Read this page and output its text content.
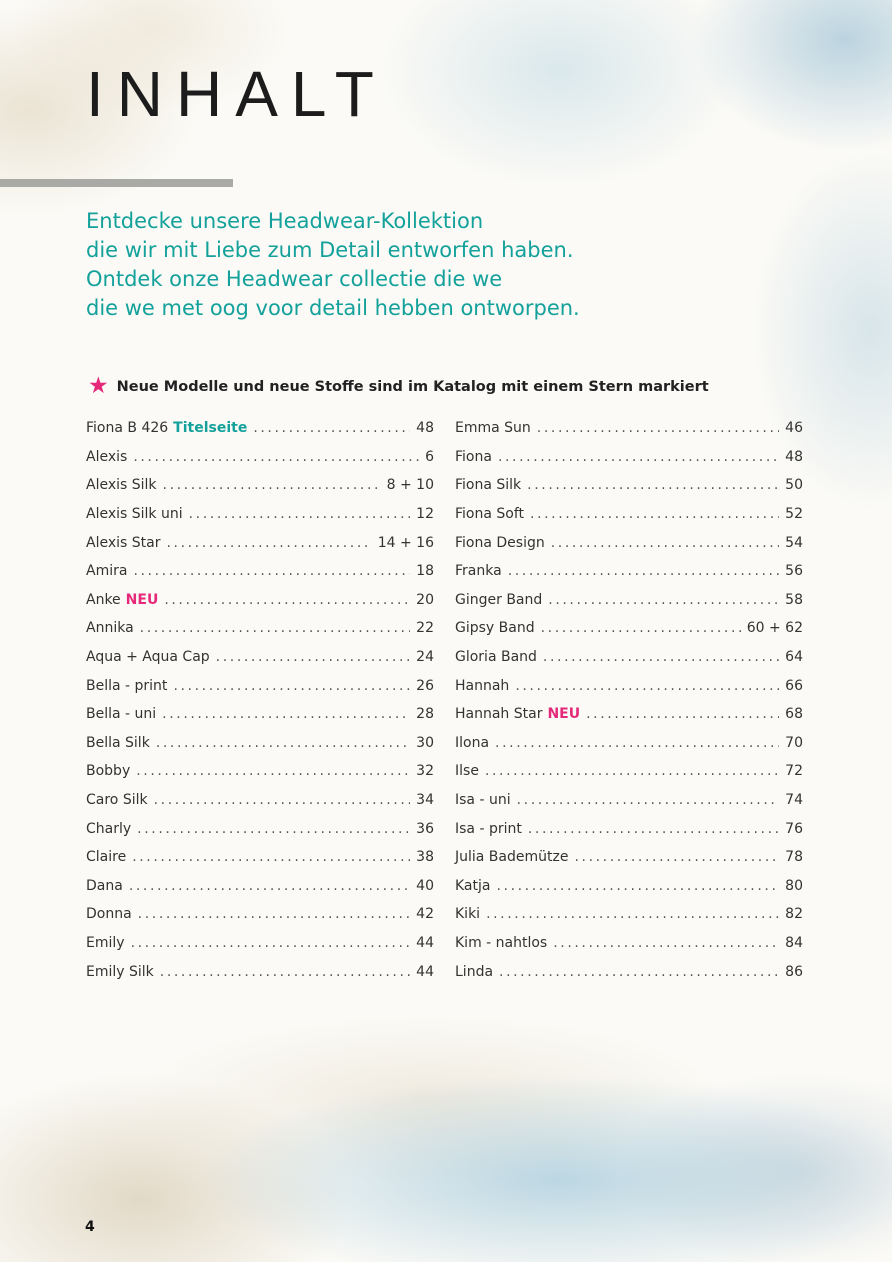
INHALT
Entdecke unsere Headwear-Kollektion
die wir mit Liebe zum Detail entworfen haben.
Ontdek onze Headwear collectie die we
die we met oog voor detail hebben ontworpen.
★ Neue Modelle und neue Stoffe sind im Katalog mit einem Stern markiert
Fiona B 426 Titelseite .....	48
Alexis .....	6
Alexis Silk .....	8 + 10
Alexis Silk uni .....	12
Alexis Star .....	14 + 16
Amira .....	18
Anke NEU .....	20
Annika .....	22
Aqua + Aqua Cap .....	24
Bella - print .....	26
Bella - uni .....	28
Bella Silk .....	30
Bobby .....	32
Caro Silk .....	34
Charly .....	36
Claire .....	38
Dana .....	40
Donna .....	42
Emily .....	44
Emily Silk .....	44
Emma Sun .....	46
Fiona .....	48
Fiona Silk .....	50
Fiona Soft .....	52
Fiona Design .....	54
Franka .....	56
Ginger Band .....	58
Gipsy Band .....	60 + 62
Gloria Band .....	64
Hannah .....	66
Hannah Star NEU .....	68
Ilona .....	70
Ilse .....	72
Isa - uni .....	74
Isa - print .....	76
Julia Bademütze .....	78
Katja .....	80
Kiki .....	82
Kim - nahtlos .....	84
Linda .....	86
4
